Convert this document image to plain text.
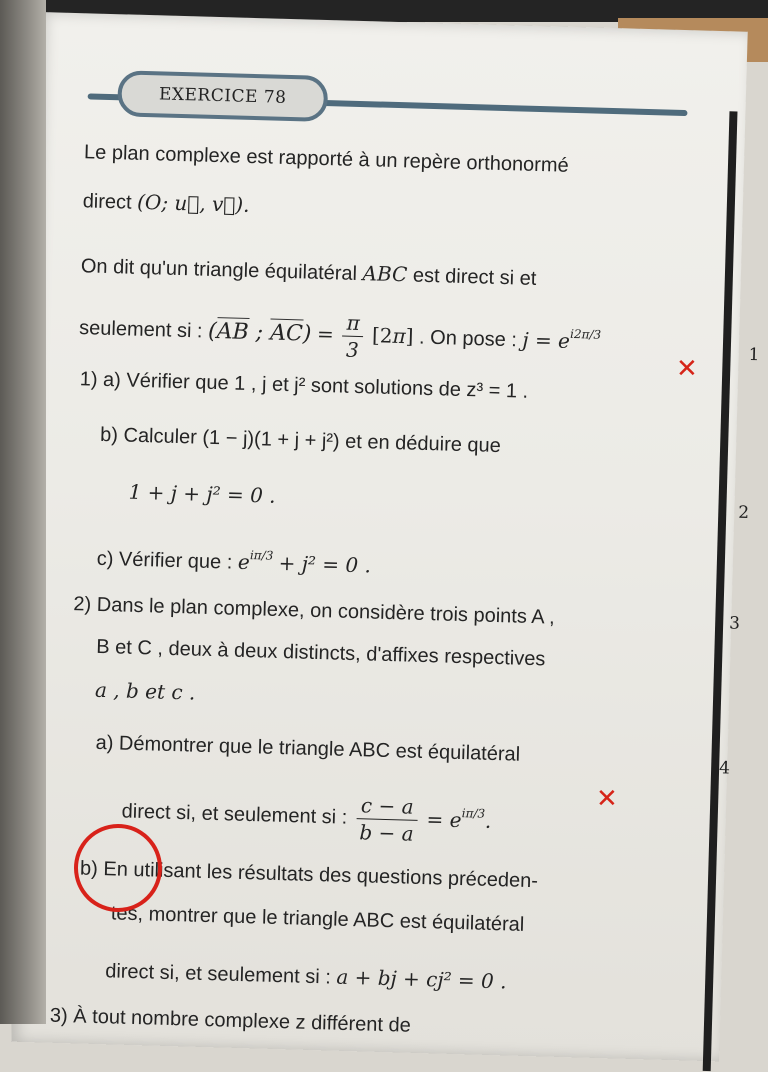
1
2
3
4
EXERCICE 78
Le plan complexe est rapporté à un repère orthonormé
direct (O; u⃗, v⃗).
On dit qu'un triangle équilatéral ABC est direct si et
seulement si : (AB ; $AC) = \frac{\pi}{3} [2\pi]$ . On pose : $j = e^{i2\pi/3}$
1) a) Vérifier que 1 , j et j² sont solutions de z³ = 1 .
b) Calculer (1 − j)(1 + j + j²) et en déduire que
1 + j + j² = 0 .
c) Vérifier que : $e^{i\pi/3} + j^2 = 0$ .
2) Dans le plan complexe, on considère trois points A ,
B et C , deux à deux distincts, d'affixes respectives
a , b et c .
a) Démontrer que le triangle ABC est équilatéral
direct si, et seulement si : $\frac{c - a}{b - a} = e^{i\pi/3}$.
b) En utilisant les résultats des questions préceden-
tes, montrer que le triangle ABC est équilatéral
direct si, et seulement si : a + bj + cj² = 0 .
3) À tout nombre complexe z différent de
✕
✕
